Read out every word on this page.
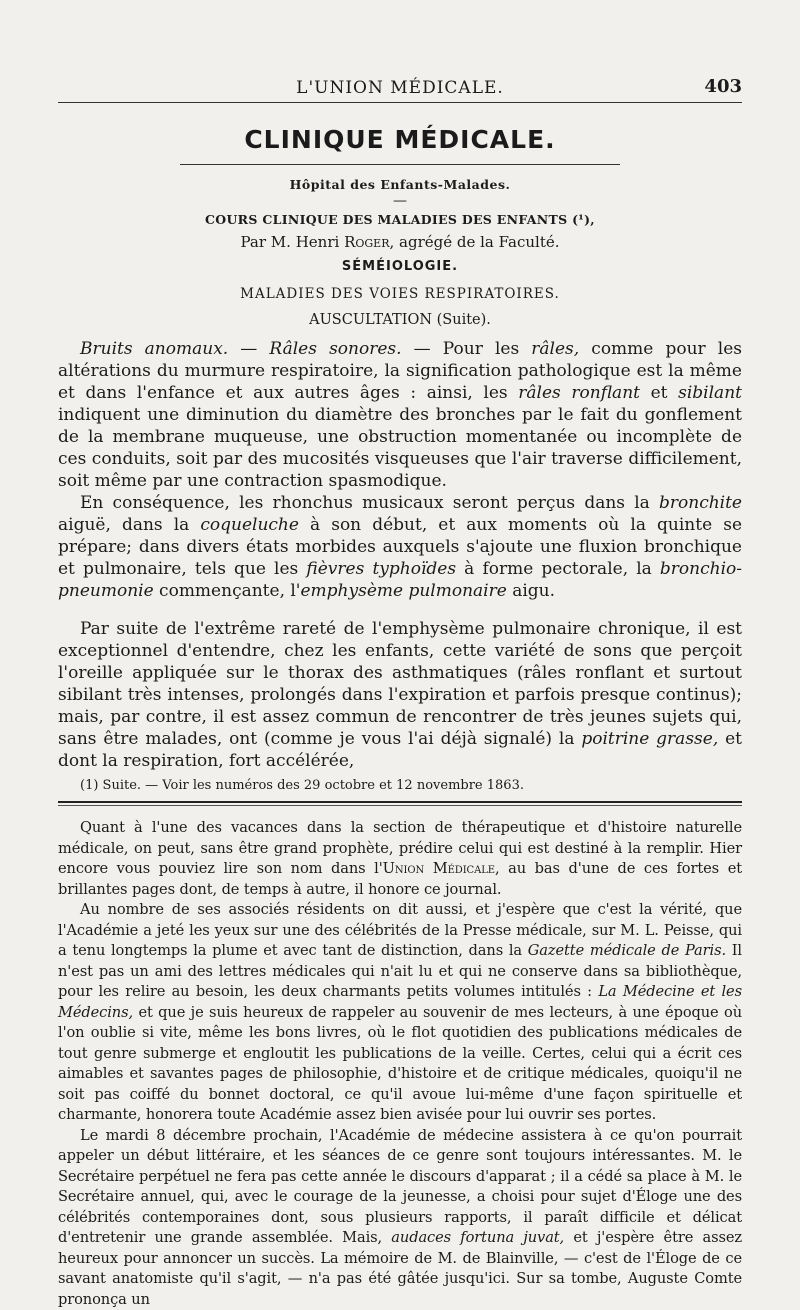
L'UNION MÉDICALE.	403
CLINIQUE MÉDICALE.
Hôpital des Enfants-Malades.
—
COURS CLINIQUE DES MALADIES DES ENFANTS (¹),
Par M. Henri Roger, agrégé de la Faculté.
SÉMÉIOLOGIE.
MALADIES DES VOIES RESPIRATOIRES.
AUSCULTATION (Suite).

Bruits anomaux. — Râles sonores. — Pour les râles, comme pour les altérations du murmure respiratoire, la signification pathologique est la même et dans l'enfance et aux autres âges : ainsi, les râles ronflant et sibilant indiquent une diminution du diamètre des bronches par le fait du gonflement de la membrane muqueuse, une obstruction momentanée ou incomplète de ces conduits, soit par des mucosités visqueuses que l'air traverse difficilement, soit même par une contraction spasmodique.

En conséquence, les rhonchus musicaux seront perçus dans la bronchite aiguë, dans la coqueluche à son début, et aux moments où la quinte se prépare; dans divers états morbides auxquels s'ajoute une fluxion bronchique et pulmonaire, tels que les fièvres typhoïdes à forme pectorale, la bronchio-pneumonie commençante, l'emphysème pulmonaire aigu.

Par suite de l'extrême rareté de l'emphysème pulmonaire chronique, il est exceptionnel d'entendre, chez les enfants, cette variété de sons que perçoit l'oreille appliquée sur le thorax des asthmatiques (râles ronflant et surtout sibilant très intenses, prolongés dans l'expiration et parfois presque continus); mais, par contre, il est assez commun de rencontrer de très jeunes sujets qui, sans être malades, ont (comme je vous l'ai déjà signalé) la poitrine grasse, et dont la respiration, fort accélérée,

(1) Suite. — Voir les numéros des 29 octobre et 12 novembre 1863.

Quant à l'une des vacances dans la section de thérapeutique et d'histoire naturelle médicale, on peut, sans être grand prophète, prédire celui qui est destiné à la remplir. Hier encore vous pouviez lire son nom dans l'Union Médicale, au bas d'une de ces fortes et brillantes pages dont, de temps à autre, il honore ce journal.

Au nombre de ses associés résidents on dit aussi, et j'espère que c'est la vérité, que l'Académie a jeté les yeux sur une des célébrités de la Presse médicale, sur M. L. Peisse, qui a tenu longtemps la plume et avec tant de distinction, dans la Gazette médicale de Paris. Il n'est pas un ami des lettres médicales qui n'ait lu et qui ne conserve dans sa bibliothèque, pour les relire au besoin, les deux charmants petits volumes intitulés : La Médecine et les Médecins, et que je suis heureux de rappeler au souvenir de mes lecteurs, à une époque où l'on oublie si vite, même les bons livres, où le flot quotidien des publications médicales de tout genre submerge et engloutit les publications de la veille. Certes, celui qui a écrit ces aimables et savantes pages de philosophie, d'histoire et de critique médicales, quoiqu'il ne soit pas coiffé du bonnet doctoral, ce qu'il avoue lui-même d'une façon spirituelle et charmante, honorera toute Académie assez bien avisée pour lui ouvrir ses portes.

Le mardi 8 décembre prochain, l'Académie de médecine assistera à ce qu'on pourrait appeler un début littéraire, et les séances de ce genre sont toujours intéressantes. M. le Secrétaire perpétuel ne fera pas cette année le discours d'apparat ; il a cédé sa place à M. le Secrétaire annuel, qui, avec le courage de la jeunesse, a choisi pour sujet d'Éloge une des célébrités contemporaines dont, sous plusieurs rapports, il paraît difficile et délicat d'entretenir une grande assemblée. Mais, audaces fortuna juvat, et j'espère être assez heureux pour annoncer un succès. La mémoire de M. de Blainville, — c'est de l'Éloge de ce savant anatomiste qu'il s'agit, — n'a pas été gâtée jusqu'ici. Sur sa tombe, Auguste Comte prononça un
